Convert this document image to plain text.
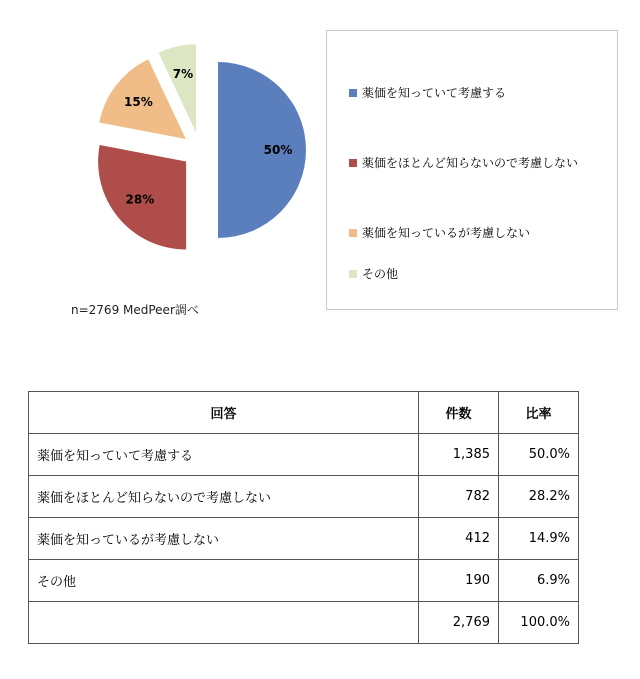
50%
28%
15%
7%
薬価を知っていて考慮する
薬価をほとんど知らないので考慮しない
薬価を知っているが考慮しない
その他
n=2769 MedPeer調べ
回答	件数	比率
薬価を知っていて考慮する	1,385	50.0%
薬価をほとんど知らないので考慮しない	782	28.2%
薬価を知っているが考慮しない	412	14.9%
その他	190	6.9%
	2,769	100.0%
